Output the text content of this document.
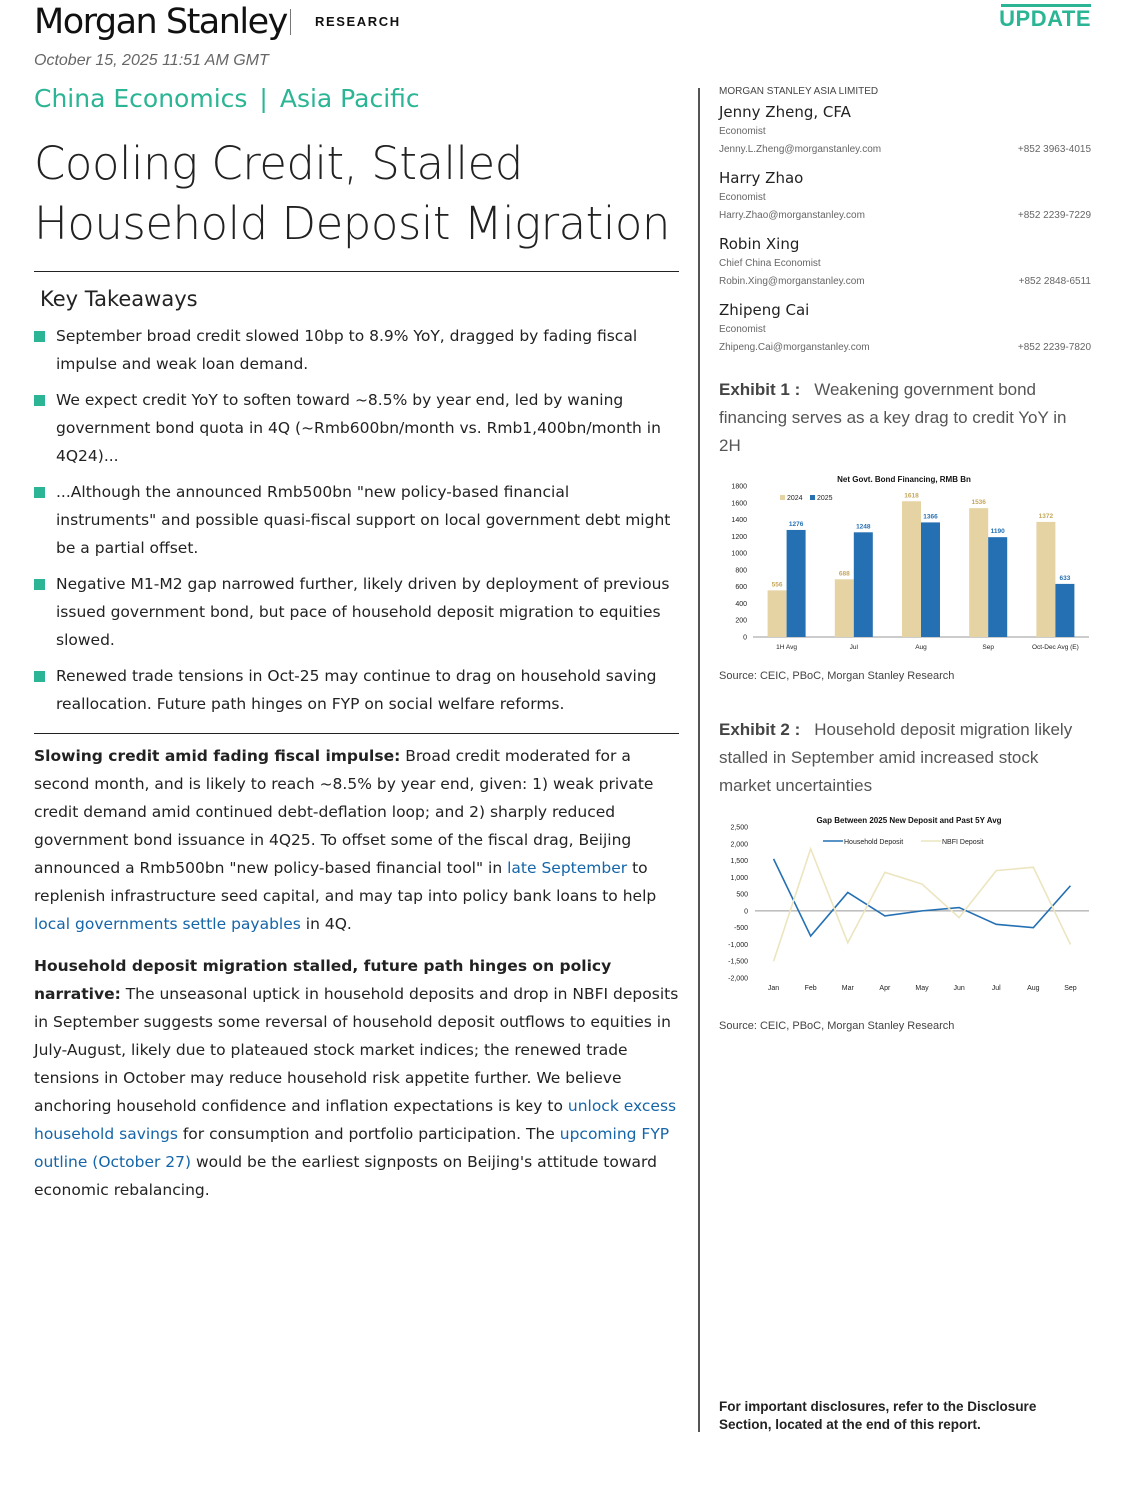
Morgan Stanley RESEARCH	UPDATE
October 15, 2025 11:51 AM GMT
China Economics | Asia Pacific
Cooling Credit, Stalled
Household Deposit Migration
Key Takeaways
September broad credit slowed 10bp to 8.9% YoY, dragged by fading fiscal impulse and weak loan demand.
We expect credit YoY to soften toward ~8.5% by year end, led by waning government bond quota in 4Q (~Rmb600bn/month vs. Rmb1,400bn/month in 4Q24)...
...Although the announced Rmb500bn "new policy-based financial instruments" and possible quasi-fiscal support on local government debt might be a partial offset.
Negative M1-M2 gap narrowed further, likely driven by deployment of previous issued government bond, but pace of household deposit migration to equities slowed.
Renewed trade tensions in Oct-25 may continue to drag on household saving reallocation. Future path hinges on FYP on social welfare reforms.

Slowing credit amid fading fiscal impulse: Broad credit moderated for a second month, and is likely to reach ~8.5% by year end, given: 1) weak private credit demand amid continued debt-deflation loop; and 2) sharply reduced government bond issuance in 4Q25. To offset some of the fiscal drag, Beijing announced a Rmb500bn "new policy-based financial tool" in late September to replenish infrastructure seed capital, and may tap into policy bank loans to help local governments settle payables in 4Q.

Household deposit migration stalled, future path hinges on policy narrative: The unseasonal uptick in household deposits and drop in NBFI deposits in September suggests some reversal of household deposit outflows to equities in July-August, likely due to plateaued stock market indices; the renewed trade tensions in October may reduce household risk appetite further. We believe anchoring household confidence and inflation expectations is key to unlock excess household savings for consumption and portfolio participation. The upcoming FYP outline (October 27) would be the earliest signposts on Beijing's attitude toward economic rebalancing.

MORGAN STANLEY ASIA LIMITED
Jenny Zheng, CFA
Economist
Jenny.L.Zheng@morganstanley.com	+852 3963-4015
Harry Zhao
Economist
Harry.Zhao@morganstanley.com	+852 2239-7229
Robin Xing
Chief China Economist
Robin.Xing@morganstanley.com	+852 2848-6511
Zhipeng Cai
Economist
Zhipeng.Cai@morganstanley.com	+852 2239-7820
Exhibit 1 : Weakening government bond financing serves as a key drag to credit YoY in 2H
Net Govt. Bond Financing, RMB Bn
0
200
400
600
800
1000
1200
1400
1600
1800
1H Avg
556
1276
Jul
688
1248
Aug
1618
1366
Sep
1536
1190
Oct-Dec Avg (E)
1372
633
2024 2025
Source: CEIC, PBoC, Morgan Stanley Research
Exhibit 2 : Household deposit migration likely stalled in September amid increased stock market uncertainties
Gap Between 2025 New Deposit and Past 5Y Avg
2,500
2,000
1,500
1,000
500
0
-500
-1,000
-1,500
-2,000
Jan	Feb	Mar	Apr	May	Jun	Jul	Aug	Sep
Household Deposit	NBFI Deposit
Source: CEIC, PBoC, Morgan Stanley Research
For important disclosures, refer to the Disclosure Section, located at the end of this report.
